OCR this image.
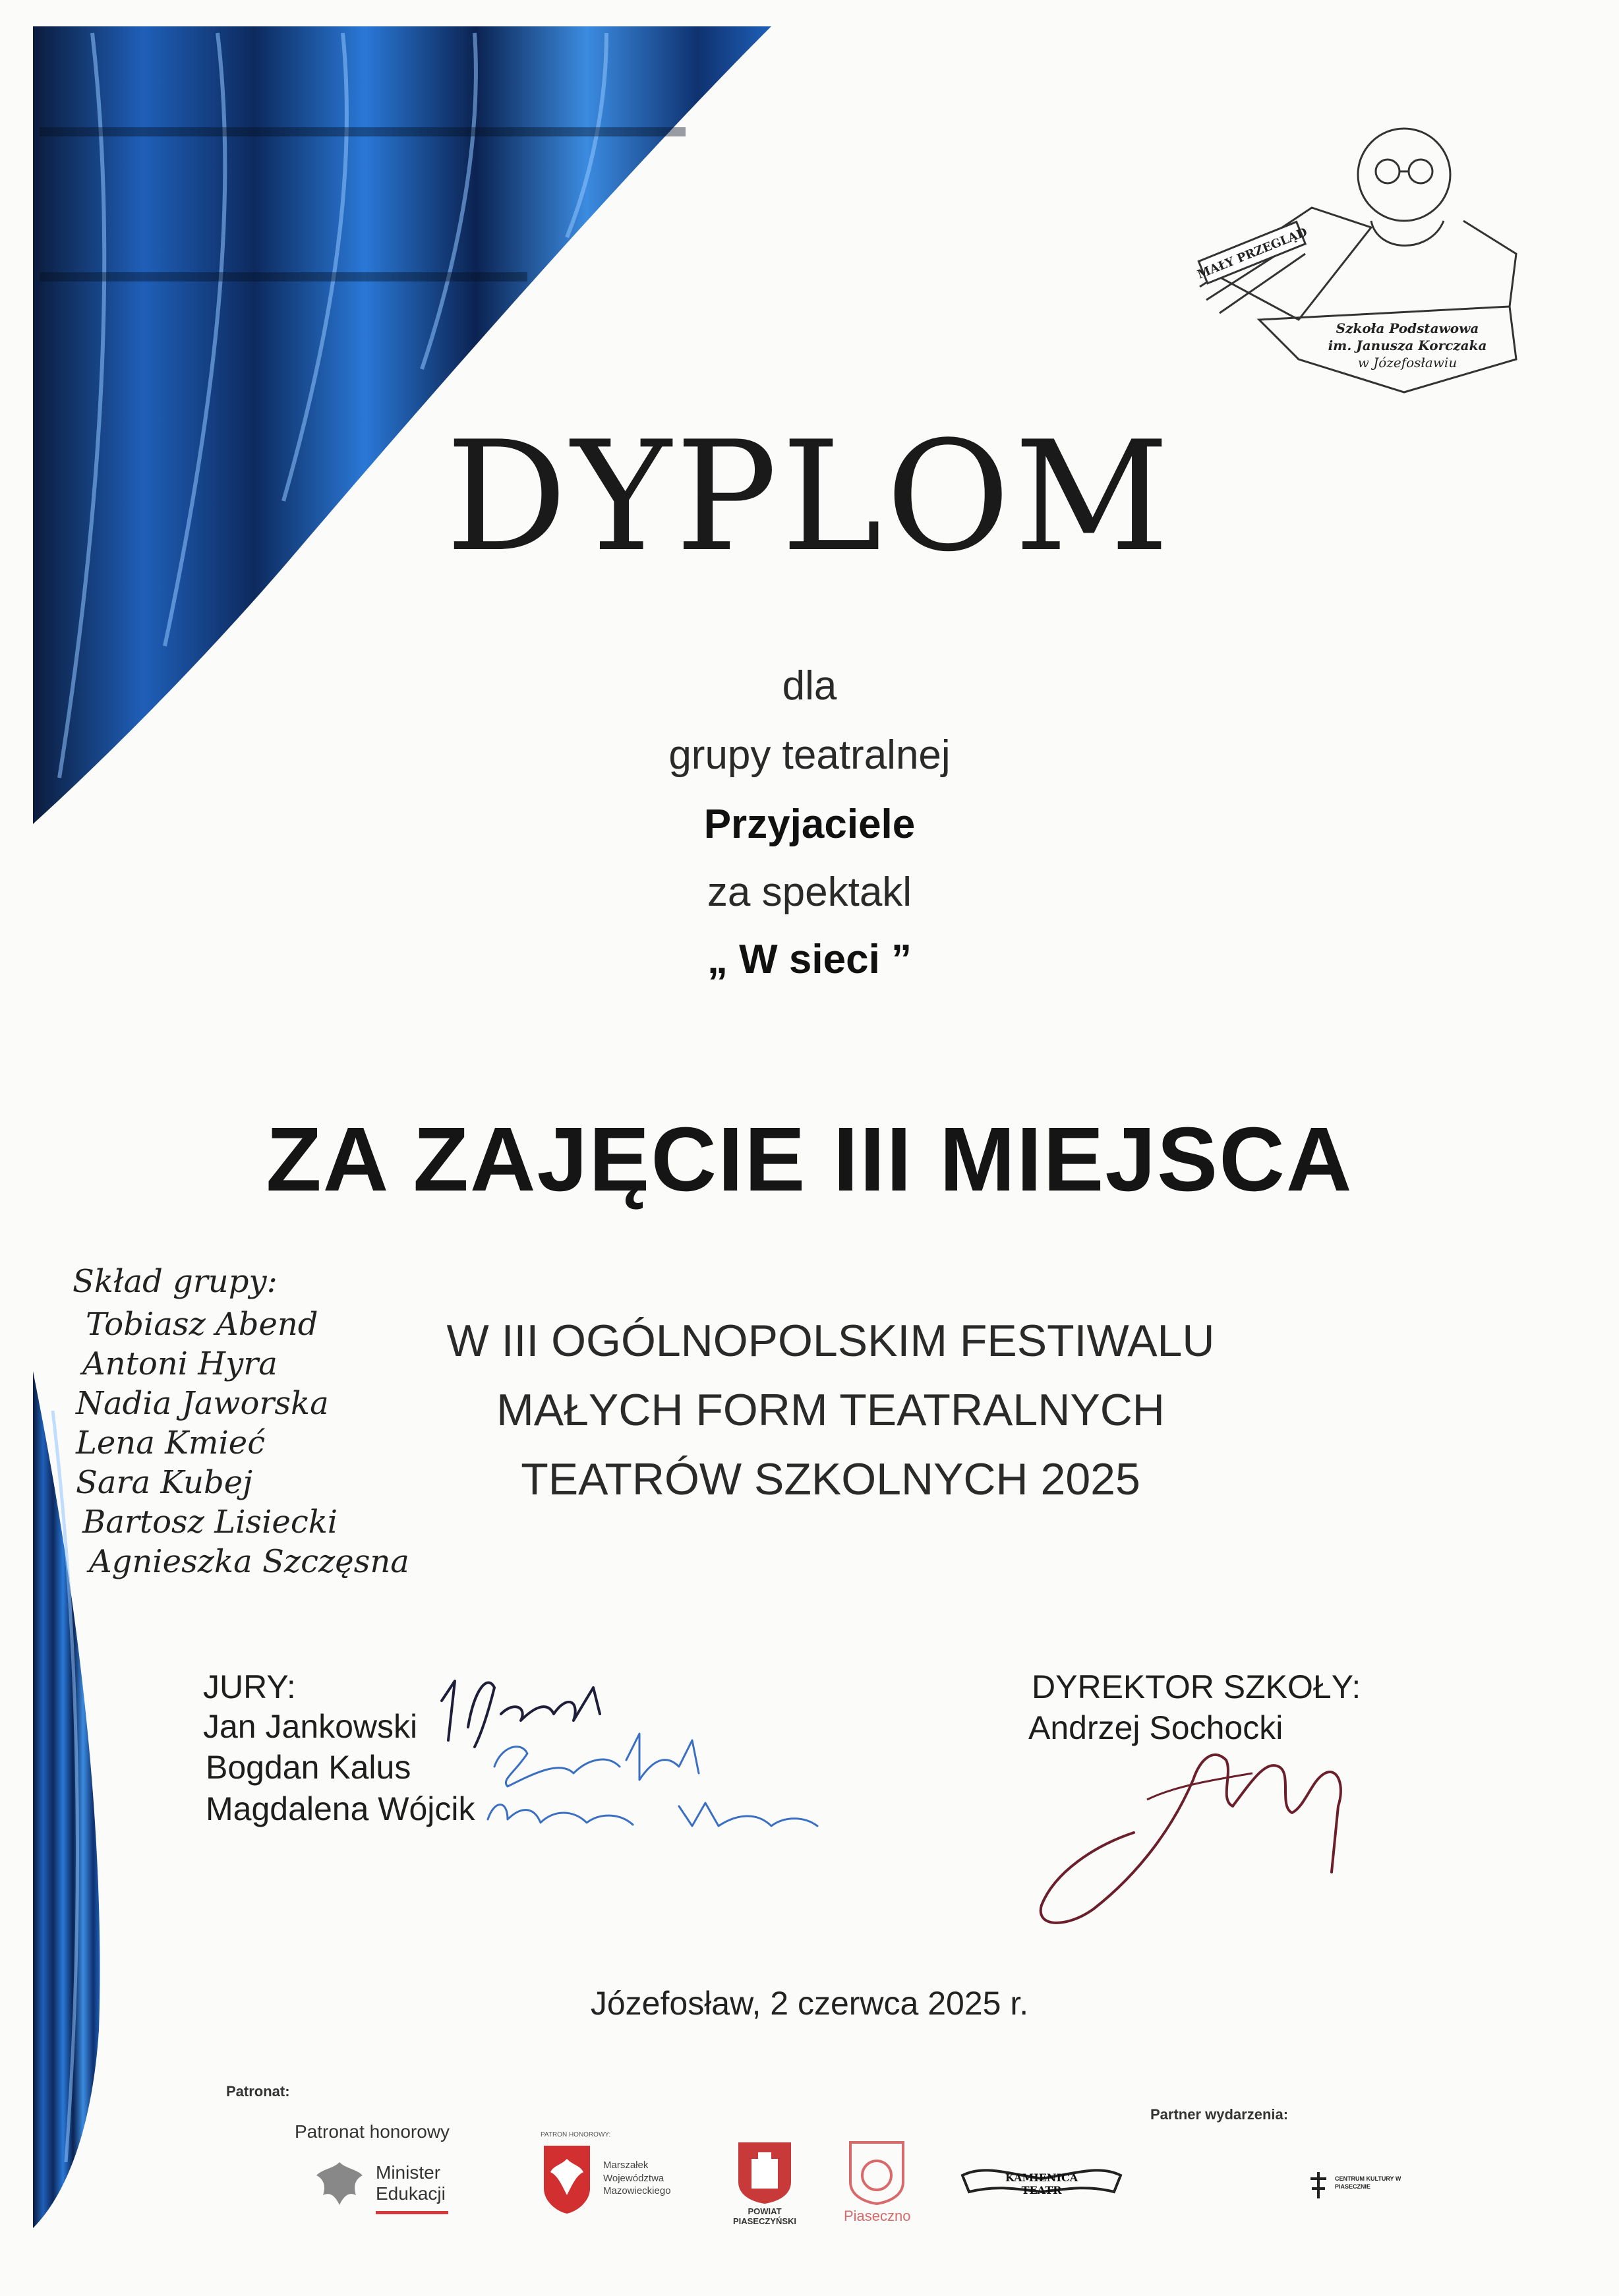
MAŁY PRZEGLĄD
Szkoła Podstawowa
im. Janusza Korczaka
w Józefosławiu
DYPLOM
dla
grupy teatralnej
Przyjaciele
za spektakl
„ W sieci ”
ZA ZAJĘCIE III MIEJSCA
W III OGÓLNOPOLSKIM FESTIWALU
MAŁYCH FORM TEATRALNYCH
TEATRÓW SZKOLNYCH 2025
Skład grupy:
Tobiasz Abend
Antoni Hyra
Nadia Jaworska
Lena Kmieć
Sara Kubej
Bartosz Lisiecki
Agnieszka Szczęsna
JURY:
Jan Jankowski
Bogdan Kalus
Magdalena Wójcik
DYREKTOR SZKOŁY:
Andrzej Sochocki
Józefosław, 2 czerwca 2025 r.
Patronat:
Patronat honorowy
Minister Edukacji
PATRON HONOROWY:
Marszałek Województwa Mazowieckiego
POWIAT PIASECZYŃSKI	Piaseczno
KAMIENICA TEATR
Partner wydarzenia:
CENTRUM KULTURY W PIASECZNIE
